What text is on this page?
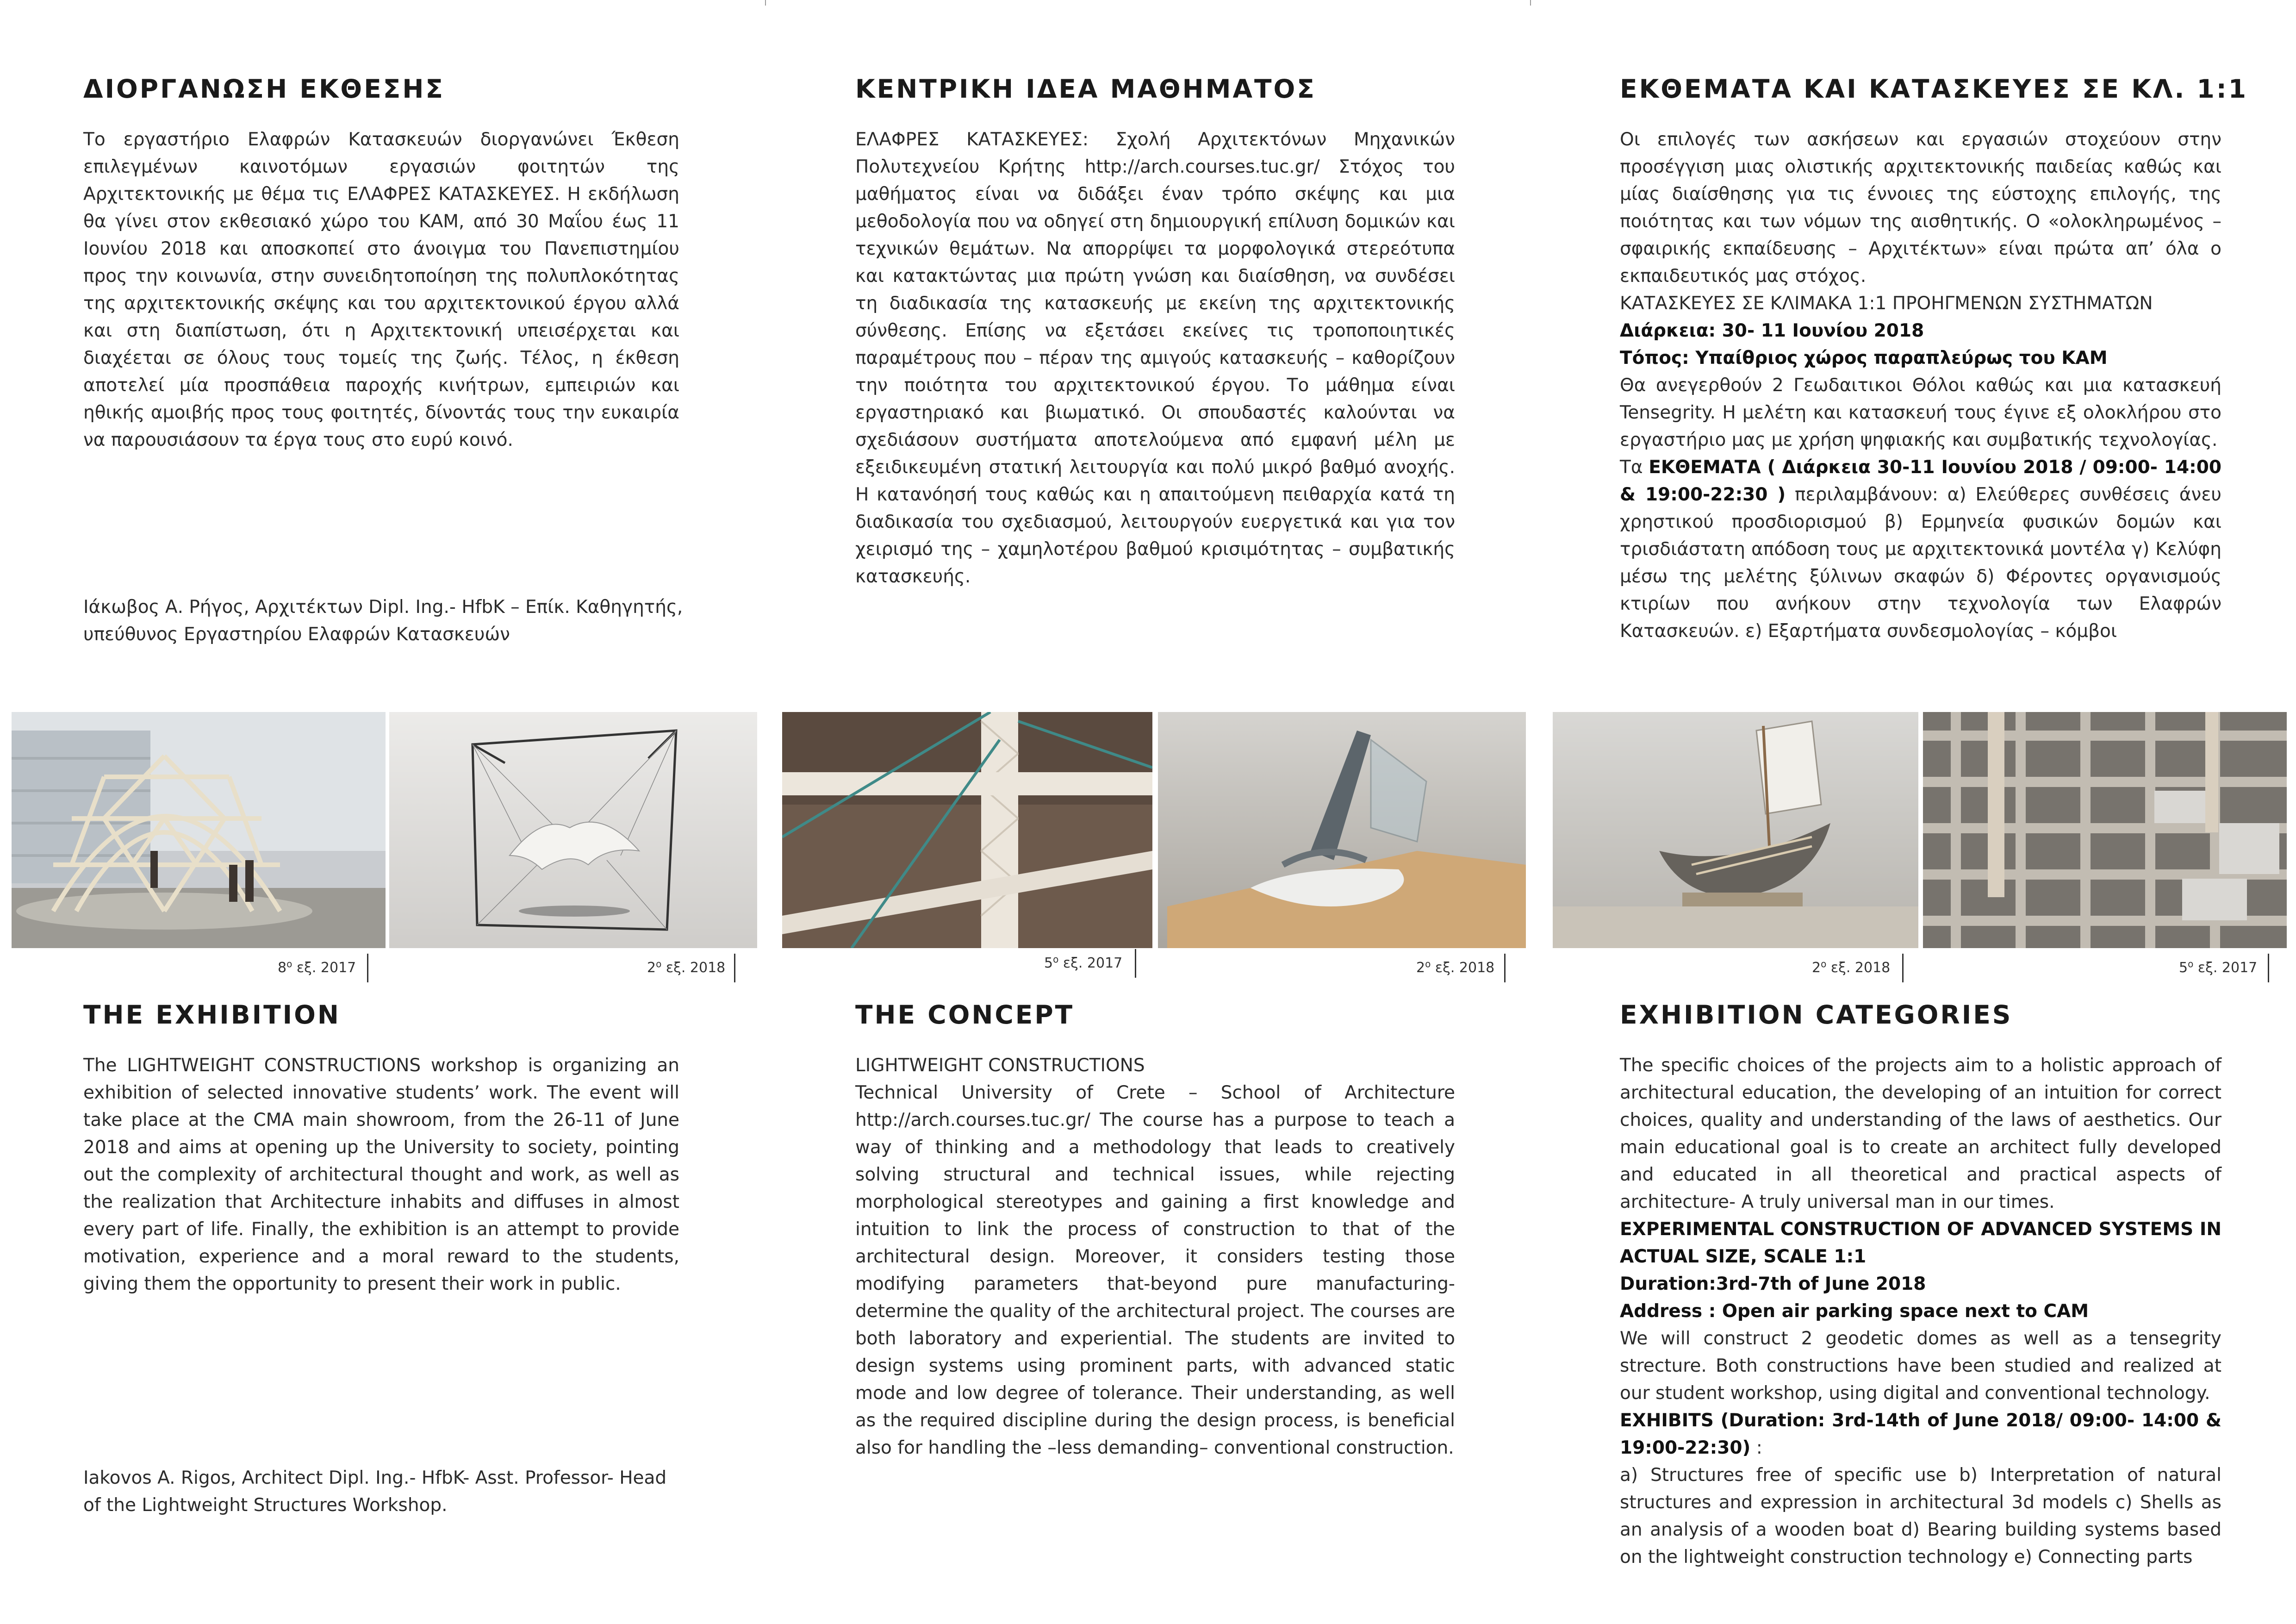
ΔΙΟΡΓΑΝΩΣΗ ΕΚΘΕΣΗΣ

Το εργαστήριο Ελαφρών Κατασκευών διοργανώνει Έκθεση επιλεγμένων καινοτόμων εργασιών φοιτητών της Αρχιτεκτονικής με θέμα τις ΕΛΑΦΡΕΣ ΚΑΤΑΣΚΕΥΕΣ. Η εκδήλωση θα γίνει στον εκθεσιακό χώρο του ΚΑΜ, από 30 Μαΐου έως 11 Ιουνίου 2018 και αποσκοπεί στο άνοιγμα του Πανεπιστημίου προς την κοινωνία, στην συνειδητοποίηση της πολυπλοκότητας της αρχιτεκτονικής σκέψης και του αρχιτεκτονικού έργου αλλά και στη διαπίστωση, ότι η Αρχιτεκτονική υπεισέρχεται και διαχέεται σε όλους τους τομείς της ζωής. Τέλος, η έκθεση αποτελεί μία προσπάθεια παροχής κινήτρων, εμπειριών και ηθικής αμοιβής προς τους φοιτητές, δίνοντάς τους την ευκαιρία να παρουσιάσουν τα έργα τους στο ευρύ κοινό.

Ιάκωβος Α. Ρήγος, Αρχιτέκτων Dipl. Ing.- HfbK – Επίκ. Καθηγητής, υπεύθυνος Εργαστηρίου Ελαφρών Κατασκευών

ΚΕΝΤΡΙΚΗ ΙΔΕΑ ΜΑΘΗΜΑΤΟΣ

ΕΛΑΦΡΕΣ ΚΑΤΑΣΚΕΥΕΣ: Σχολή Αρχιτεκτόνων Μηχανικών Πολυτεχνείου Κρήτης http://arch.courses.tuc.gr/ Στόχος του μαθήματος είναι να διδάξει έναν τρόπο σκέψης και μια μεθοδολογία που να οδηγεί στη δημιουργική επίλυση δομικών και τεχνικών θεμάτων. Να απορρίψει τα μορφολογικά στερεότυπα και κατακτώντας μια πρώτη γνώση και διαίσθηση, να συνδέσει τη διαδικασία της κατασκευής με εκείνη της αρχιτεκτονικής σύνθεσης. Επίσης να εξετάσει εκείνες τις τροποποιητικές παραμέτρους που – πέραν της αμιγούς κατασκευής – καθορίζουν την ποιότητα του αρχιτεκτονικού έργου. Το μάθημα είναι εργαστηριακό και βιωματικό. Οι σπουδαστές καλούνται να σχεδιάσουν συστήματα αποτελούμενα από εμφανή μέλη με εξειδικευμένη στατική λειτουργία και πολύ μικρό βαθμό ανοχής. Η κατανόησή τους καθώς και η απαιτούμενη πειθαρχία κατά τη διαδικασία του σχεδιασμού, λειτουργούν ευεργετικά και για τον χειρισμό της – χαμηλοτέρου βαθμού κρισιμότητας – συμβατικής κατασκευής.

ΕΚΘΕΜΑΤΑ ΚΑΙ ΚΑΤΑΣΚΕΥΕΣ ΣΕ ΚΛ. 1:1

Οι επιλογές των ασκήσεων και εργασιών στοχεύουν στην προσέγγιση μιας ολιστικής αρχιτεκτονικής παιδείας καθώς και μίας διαίσθησης για τις έννοιες της εύστοχης επιλογής, της ποιότητας και των νόμων της αισθητικής. Ο «ολοκληρωμένος – σφαιρικής εκπαίδευσης – Αρχιτέκτων» είναι πρώτα απ’ όλα ο εκπαιδευτικός μας στόχος.

ΚΑΤΑΣΚΕΥΕΣ ΣΕ ΚΛΙΜΑΚΑ 1:1 ΠΡΟΗΓΜΕΝΩΝ ΣΥΣΤΗΜΑΤΩΝ

Διάρκεια: 30- 11 Ιουνίου 2018

Τόπος: Υπαίθριος χώρος παραπλεύρως του ΚΑΜ

Θα ανεγερθούν 2 Γεωδαιτικοι Θόλοι καθώς και μια κατασκευή Tensegrity. Η μελέτη και κατασκευή τους έγινε εξ ολοκλήρου στο εργαστήριο μας με χρήση ψηφιακής και συμβατικής τεχνολογίας.

Τα ΕΚΘΕΜΑΤΑ ( Διάρκεια 30-11 Ιουνίου 2018 / 09:00- 14:00 & 19:00-22:30 ) περιλαμβάνουν: α) Ελεύθερες συνθέσεις άνευ χρηστικού προσδιορισμού β) Ερμηνεία φυσικών δομών και τρισδιάστατη απόδοση τους με αρχιτεκτονικά μοντέλα γ) Κελύφη μέσω της μελέτης ξύλινων σκαφών δ) Φέροντες οργανισμούς κτιρίων που ανήκουν στην τεχνολογία των Ελαφρών Κατασκευών. ε) Εξαρτήματα συνδεσμολογίας – κόμβοι

$8^o$ εξ. 2017	$2^o$ εξ. 2018	$5^o$ εξ. 2017	$2^o$ εξ. 2018	$2^o$ εξ. 2018	$5^o$ εξ. 2017
THE EXHIBITION

The LIGHTWEIGHT CONSTRUCTIONS workshop is organizing an exhibition of selected innovative students’ work. The event will take place at the CMA main showroom, from the 26-11 of June 2018 and aims at opening up the University to society, pointing out the complexity of architectural thought and work, as well as the realization that Architecture inhabits and diffuses in almost every part of life. Finally, the exhibition is an attempt to provide motivation, experience and a moral reward to the students, giving them the opportunity to present their work in public.

Iakovos A. Rigos, Architect Dipl. Ing.- HfbK- Asst. Professor- Head of the Lightweight Structures Workshop.

THE CONCEPT

LIGHTWEIGHT CONSTRUCTIONS

Technical University of Crete – School of Architecture http://arch.courses.tuc.gr/ The course has a purpose to teach a way of thinking and a methodology that leads to creatively solving structural and technical issues, while rejecting morphological stereotypes and gaining a first knowledge and intuition to link the process of construction to that of the architectural design. Moreover, it considers testing those modifying parameters that-beyond pure manufacturing- determine the quality of the architectural project. The courses are both laboratory and experiential. The students are invited to design systems using prominent parts, with advanced static mode and low degree of tolerance. Their understanding, as well as the required discipline during the design process, is beneficial also for handling the –less demanding– conventional construction.

EXHIBITION CATEGORIES

The specific choices of the projects aim to a holistic approach of architectural education, the developing of an intuition for correct choices, quality and understanding of the laws of aesthetics. Our main educational goal is to create an architect fully developed and educated in all theoretical and practical aspects of architecture- A truly universal man in our times.

EXPERIMENTAL CONSTRUCTION OF ADVANCED SYSTEMS IN ACTUAL SIZE, SCALE 1:1

Duration:3rd-7th of June 2018

Address : Open air parking space next to CAM

We will construct 2 geodetic domes as well as a tensegrity strecture. Both constructions have been studied and realized at our student workshop, using digital and conventional technology.

EXHIBITS (Duration: 3rd-14th of June 2018/ 09:00- 14:00 & 19:00-22:30) :

a) Structures free of specific use b) Interpretation of natural structures and expression in architectural 3d models c) Shells as an analysis of a wooden boat d) Bearing building systems based on the lightweight construction technology e) Connecting parts
